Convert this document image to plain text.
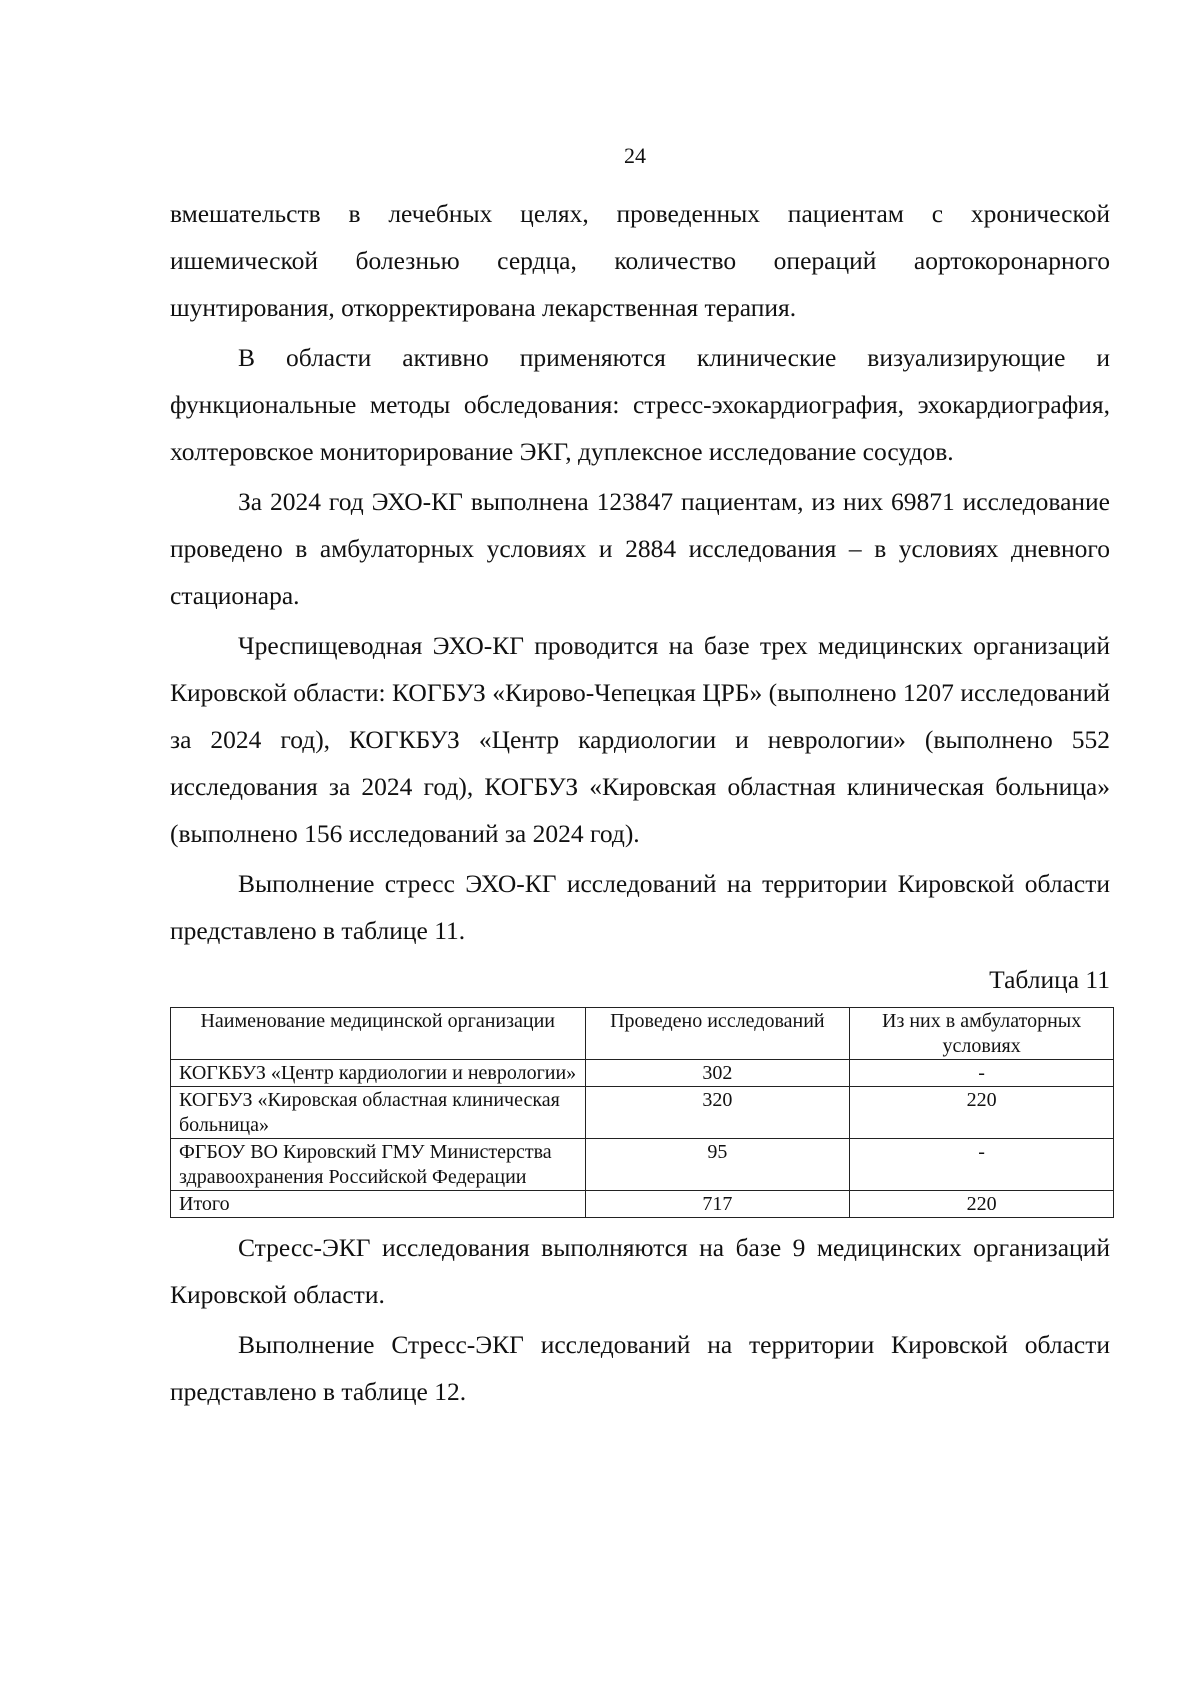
24

вмешательств в лечебных целях, проведенных пациентам с хронической ишемической болезнью сердца, количество операций аортокоронарного шунтирования, откорректирована лекарственная терапия.

В области активно применяются клинические визуализирующие и функциональные методы обследования: стресс-эхокардиография, эхокардиография, холтеровское мониторирование ЭКГ, дуплексное исследование сосудов.

За 2024 год ЭХО-КГ выполнена 123847 пациентам, из них 69871 исследование проведено в амбулаторных условиях и 2884 исследования – в условиях дневного стационара.

Чреспищеводная ЭХО-КГ проводится на базе трех медицинских организаций Кировской области: КОГБУЗ «Кирово-Чепецкая ЦРБ» (выполнено 1207 исследований за 2024 год), КОГКБУЗ «Центр кардиологии и неврологии» (выполнено 552 исследования за 2024 год), КОГБУЗ «Кировская областная клиническая больница» (выполнено 156 исследований за 2024 год).

Выполнение стресс ЭХО-КГ исследований на территории Кировской области представлено в таблице 11.

Таблица 11
Наименование медицинской организации	Проведено исследований	Из них в амбулаторных условиях
КОГКБУЗ «Центр кардиологии и неврологии»	302	-
КОГБУЗ «Кировская областная клиническая больница»	320	220
ФГБОУ ВО Кировский ГМУ Министерства здравоохранения Российской Федерации	95	-
Итого	717	220

Стресс-ЭКГ исследования выполняются на базе 9 медицинских организаций Кировской области.

Выполнение Стресс-ЭКГ исследований на территории Кировской области представлено в таблице 12.
